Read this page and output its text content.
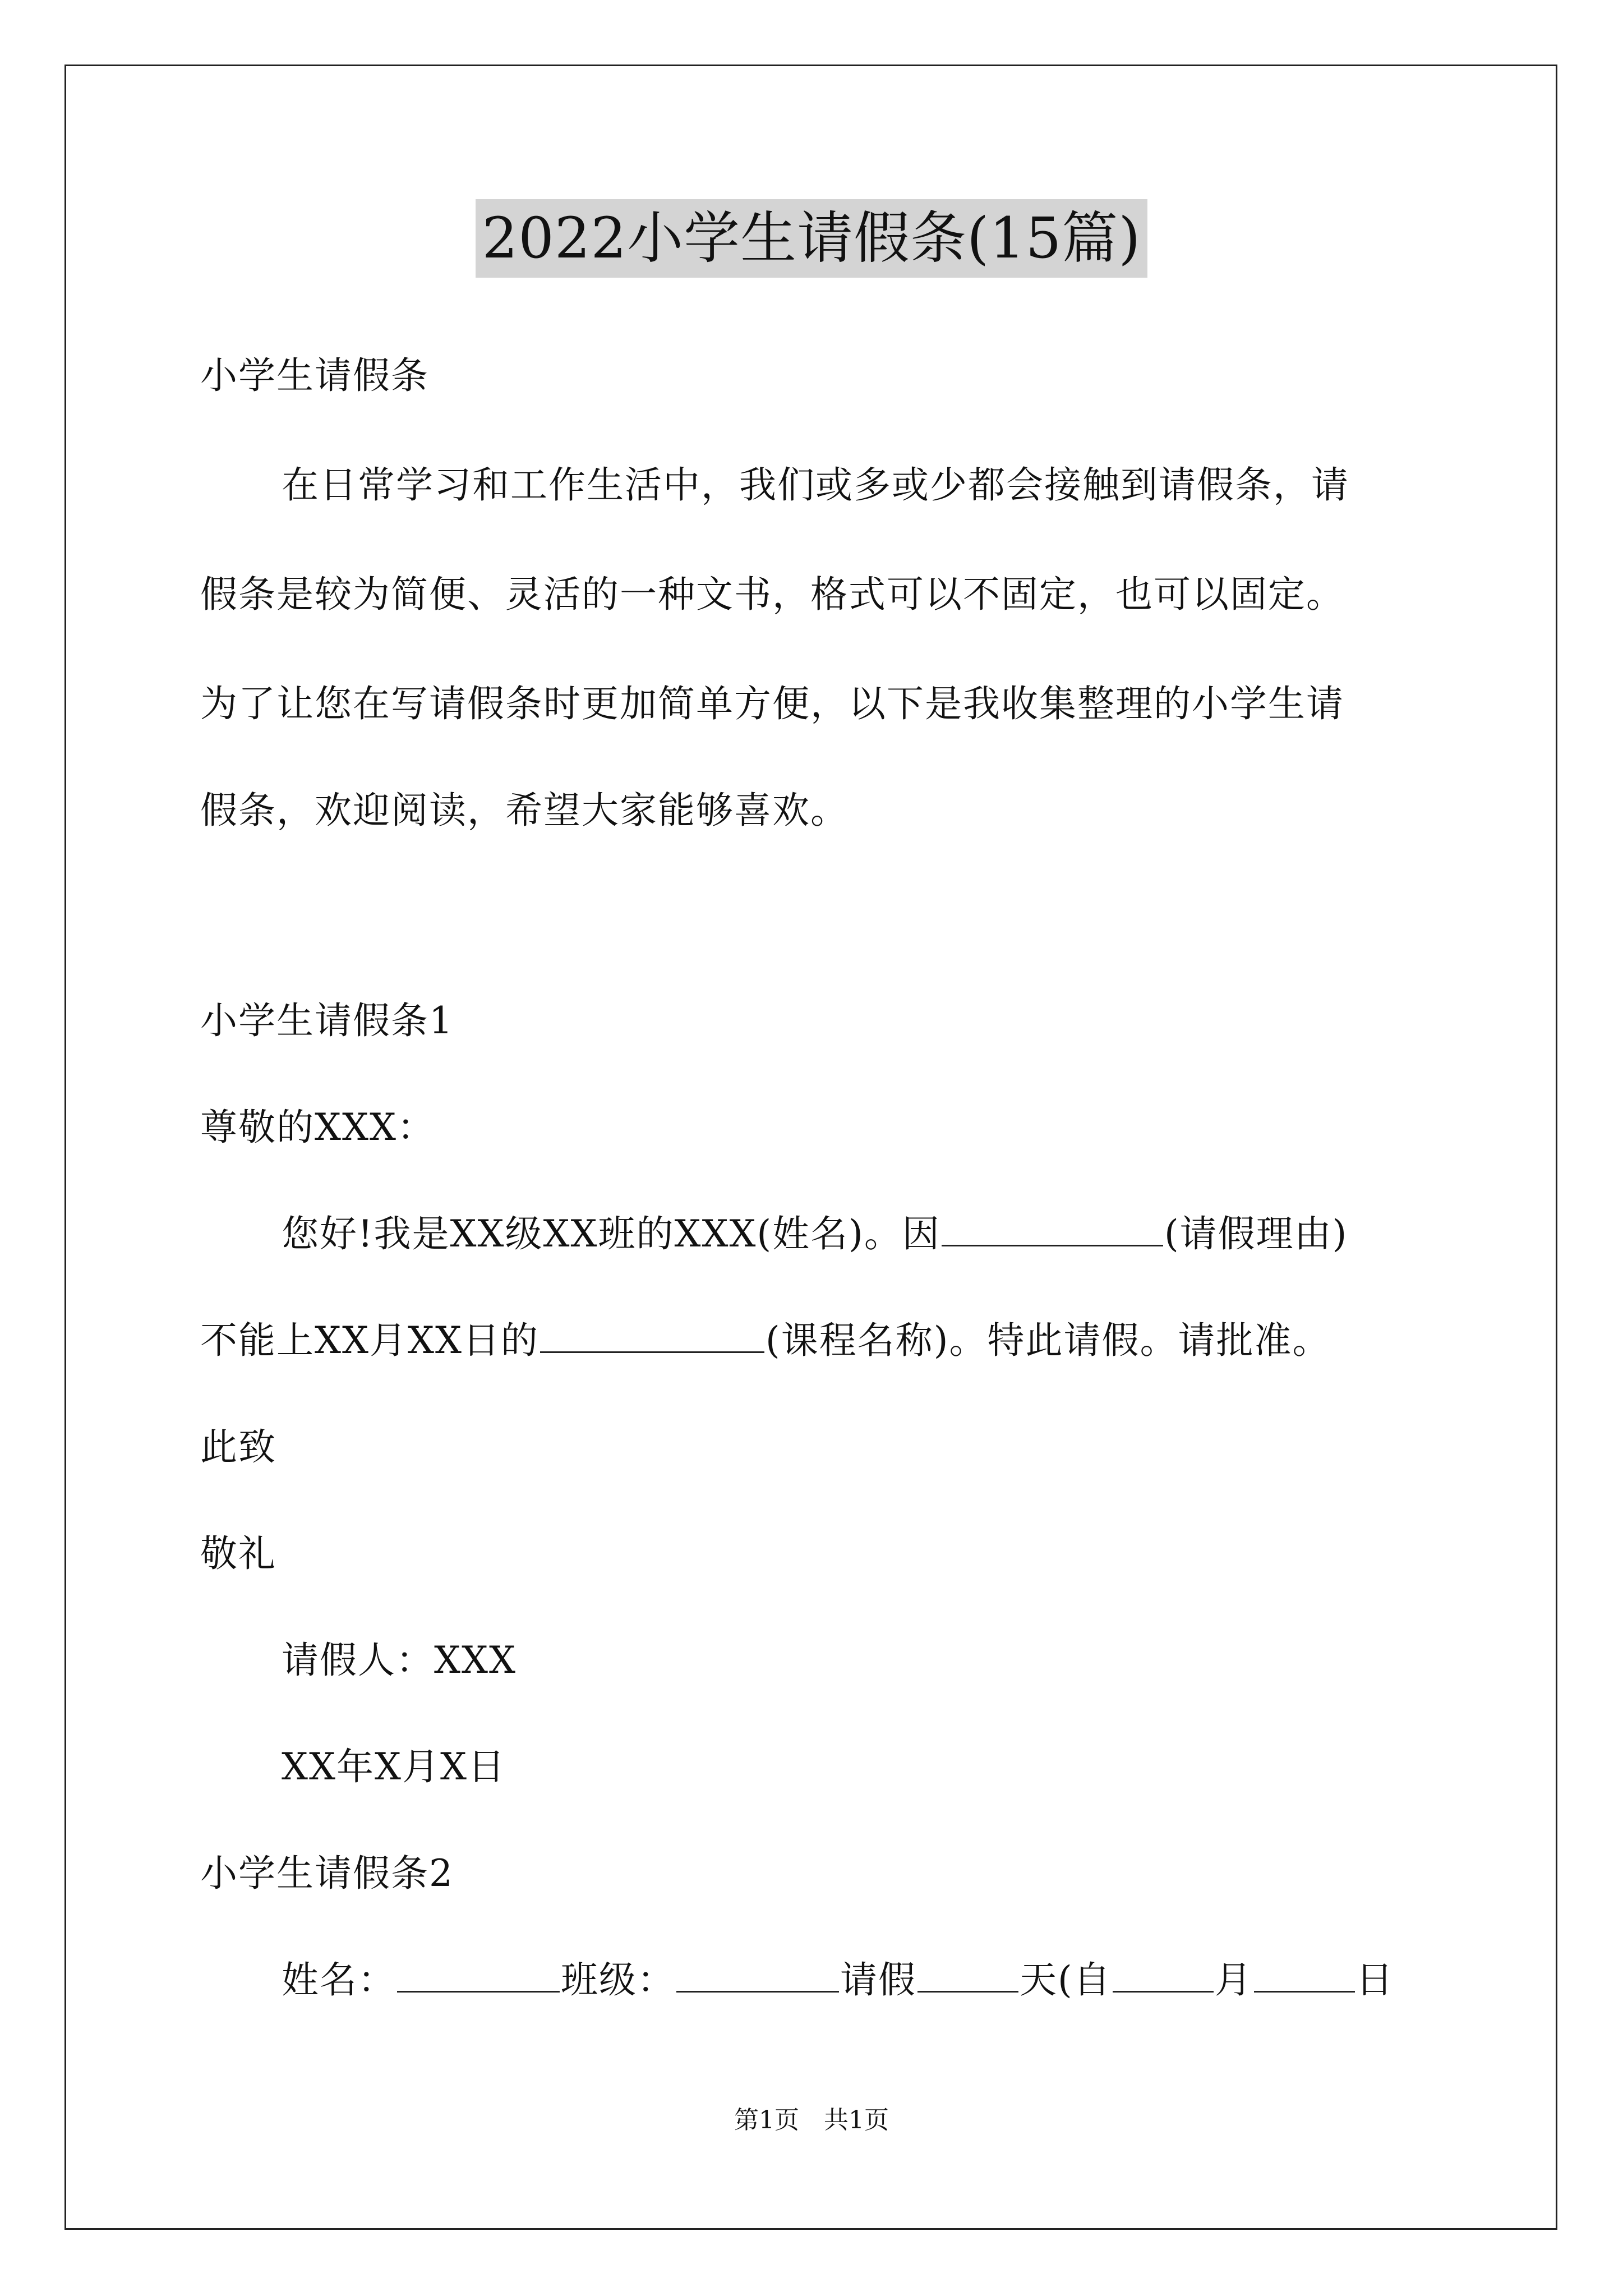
2022小学生请假条(15篇)
小学生请假条
在日常学习和工作生活中，我们或多或少都会接触到请假条，请
假条是较为简便、灵活的一种文书，格式可以不固定，也可以固定。
为了让您在写请假条时更加简单方便，以下是我收集整理的小学生请
假条，欢迎阅读，希望大家能够喜欢。
小学生请假条1
尊敬的XXX：
您好!我是XX级XX班的XXX(姓名)。因	(请假理由)
不能上XX月XX日的	(课程名称)。特此请假。请批准。
此致
敬礼
请假人：XXX
XX年X月X日
小学生请假条2
姓名：	班级：	请假	天(自	月	日
第1页　共1页
